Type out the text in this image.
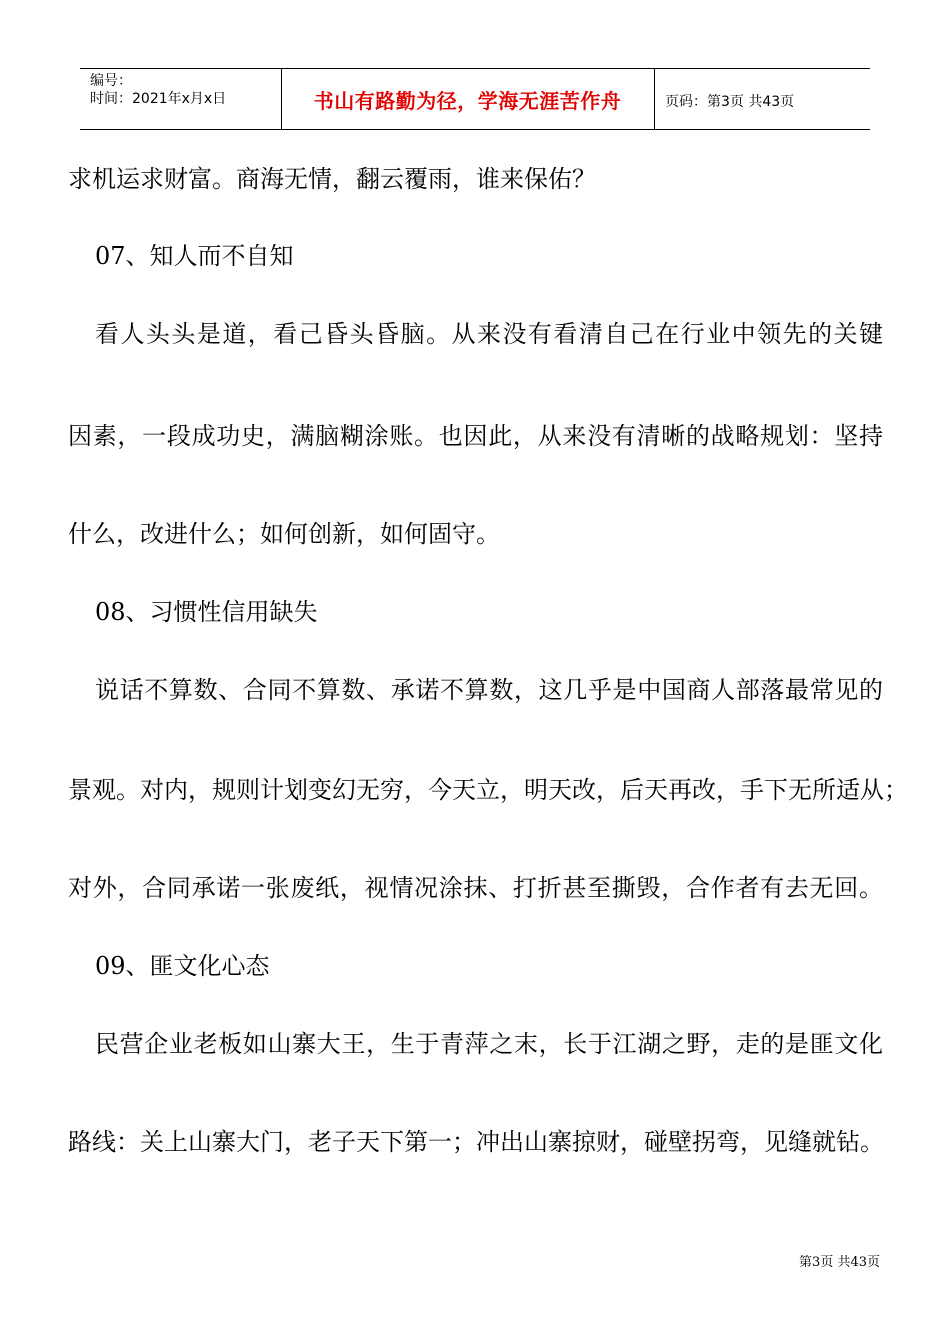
编号：
时间：2021年x月x日	书山有路勤为径，学海无涯苦作舟	页码：第3页 共43页
求机运求财富。商海无情，翻云覆雨，谁来保佑？
07、知人而不自知
看人头头是道，看己昏头昏脑。从来没有看清自己在行业中领先的关键
因素，一段成功史，满脑糊涂账。也因此，从来没有清晰的战略规划：坚持
什么，改进什么；如何创新，如何固守。
08、习惯性信用缺失
说话不算数、合同不算数、承诺不算数，这几乎是中国商人部落最常见的
景观。对内，规则计划变幻无穷，今天立，明天改，后天再改，手下无所适从；
对外，合同承诺一张废纸，视情况涂抹、打折甚至撕毁，合作者有去无回。
09、匪文化心态
民营企业老板如山寨大王，生于青萍之末，长于江湖之野，走的是匪文化
路线：关上山寨大门，老子天下第一；冲出山寨掠财，碰壁拐弯，见缝就钻。
第3页 共43页
